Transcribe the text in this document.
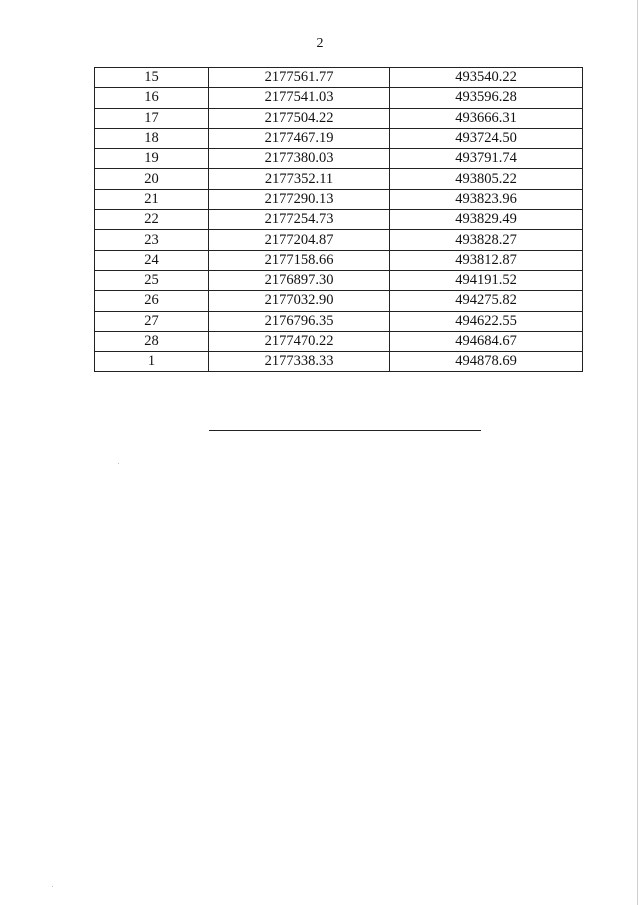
2
15	2177561.77	493540.22
16	2177541.03	493596.28
17	2177504.22	493666.31
18	2177467.19	493724.50
19	2177380.03	493791.74
20	2177352.11	493805.22
21	2177290.13	493823.96
22	2177254.73	493829.49
23	2177204.87	493828.27
24	2177158.66	493812.87
25	2176897.30	494191.52
26	2177032.90	494275.82
27	2176796.35	494622.55
28	2177470.22	494684.67
1	2177338.33	494878.69
